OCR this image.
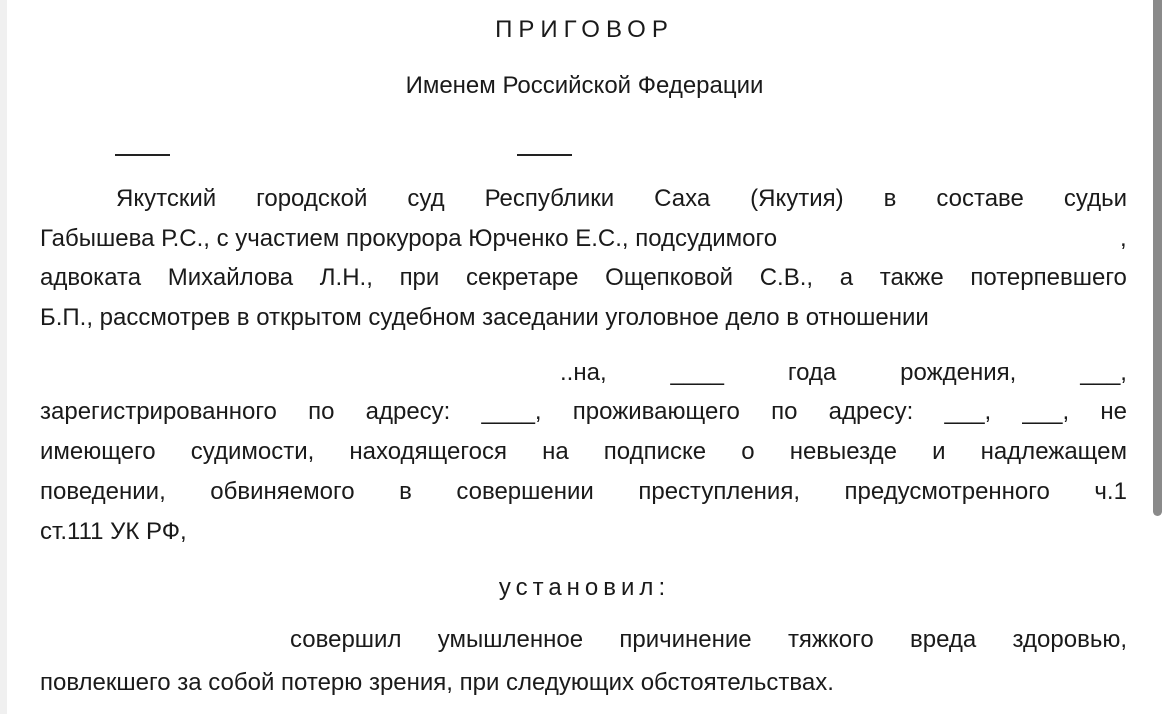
ПРИГОВОР
Именем Российской Федерации
Якутский городской суд Республики Саха (Якутия) в составе судьи
Габышева Р.С., с участием прокурора Юрченко Е.С., подсудимого	,
адвоката Михайлова Л.Н., при секретаре Ощепковой С.В., а также потерпевшего
Б.П., рассмотрев в открытом судебном заседании уголовное дело в отношении
..на,	____	года	рождения,	___,
зарегистрированного по адресу: ____, проживающего по адресу: ___, ___, не
имеющего судимости, находящегося на подписке о невыезде и надлежащем
поведении, обвиняемого в совершении преступления, предусмотренного ч.1
ст.111 УК РФ,
установил:
совершил умышленное причинение тяжкого вреда здоровью,
повлекшего за собой потерю зрения, при следующих обстоятельствах.
